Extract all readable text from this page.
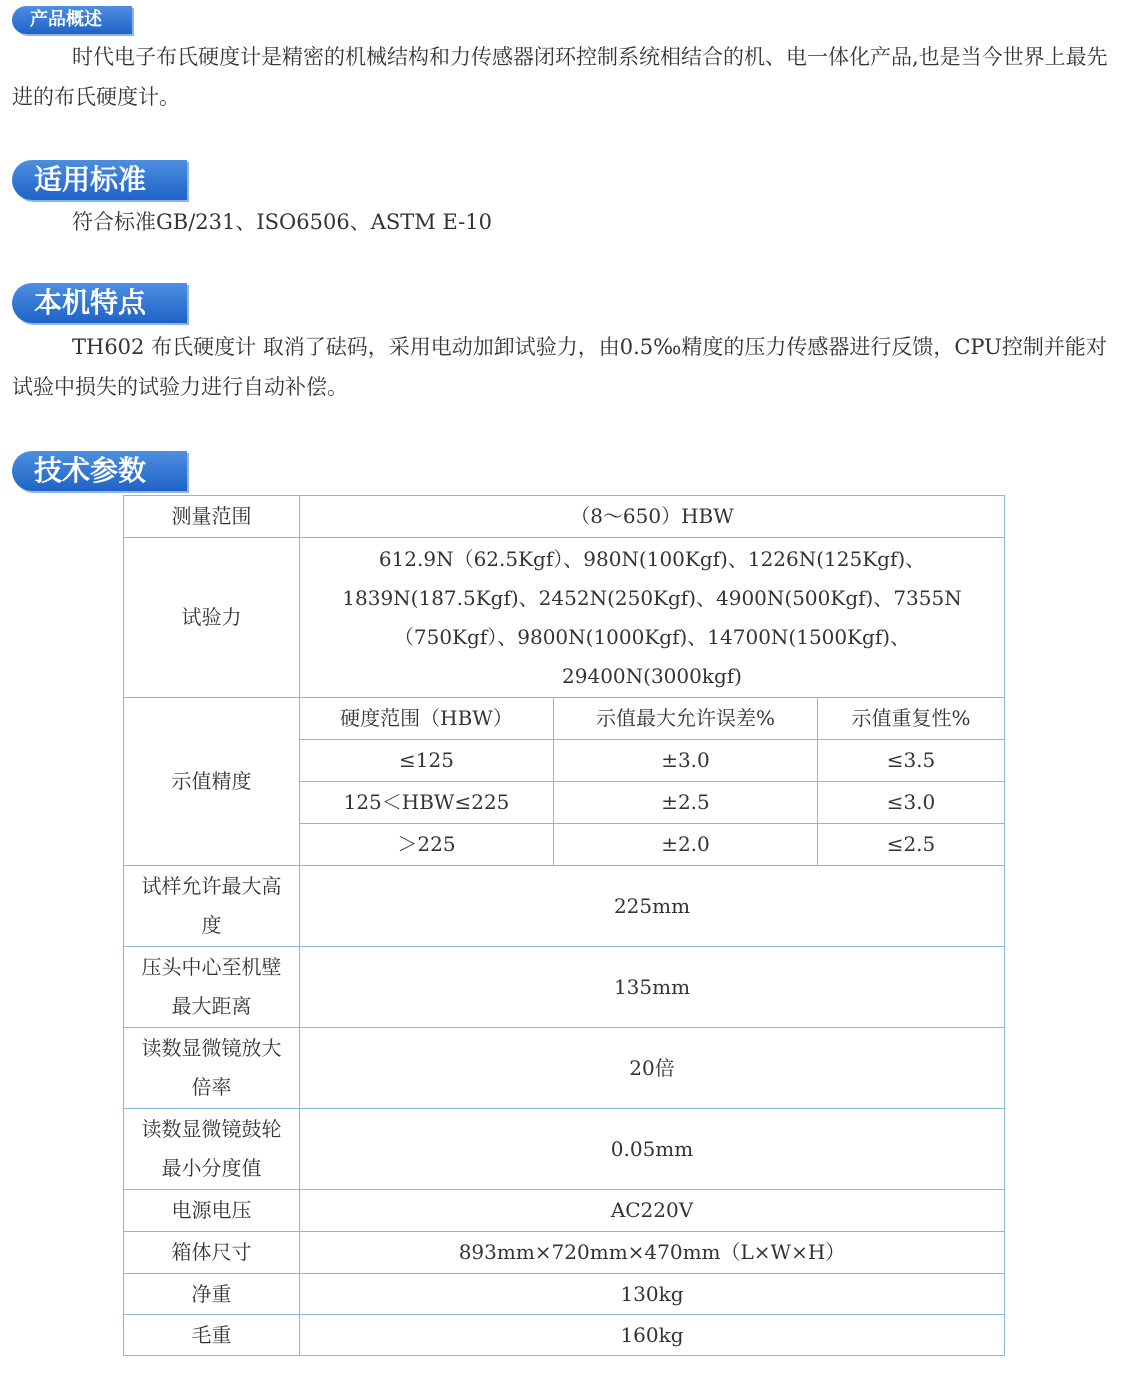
产品概述

时代电子布氏硬度计是精密的机械结构和力传感器闭环控制系统相结合的机、电一体化产品,也是当今世界上最先进的布氏硬度计。

适用标准

符合标准GB/231、ISO6506、ASTM E-10

本机特点

TH602 布氏硬度计 取消了砝码，采用电动加卸试验力，由0.5‰精度的压力传感器进行反馈，CPU控制并能对试验中损失的试验力进行自动补偿。

技术参数
测量范围	（8～650）HBW		
试验力	612.9N（62.5Kgf）、980N(100Kgf)、1226N(125Kgf)、
1839N(187.5Kgf)、2452N(250Kgf)、4900N(500Kgf)、7355N
（750Kgf）、9800N(1000Kgf)、14700N(1500Kgf)、
29400N(3000kgf)		

示值精度	硬度范围（HBW）	示值最大允许误差%	示值重复性%
	≤125	±3.0	≤3.5
	125＜HBW≤225	±2.5	≤3.0
	＞225	±2.0	≤2.5

试样允许最大高
度	225mm		

压头中心至机壁
最大距离	135mm		

读数显微镜放大
倍率	20倍		

读数显微镜鼓轮
最小分度值	0.05mm		
电源电压	AC220V		
箱体尺寸	893mm×720mm×470mm（L×W×H）		
净重	130kg		
毛重	160kg		
